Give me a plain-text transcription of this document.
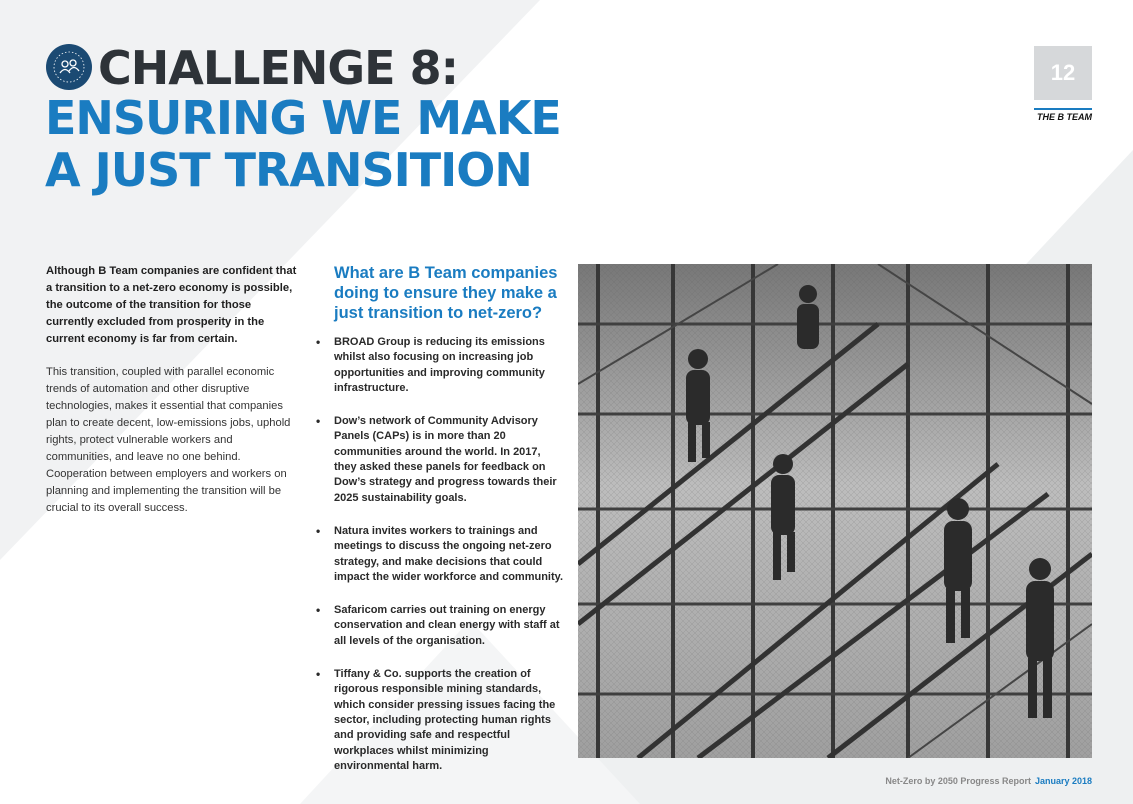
CHALLENGE 8:
ENSURING WE MAKE
A JUST TRANSITION
12
THE B TEAM

Although B Team companies are confident that a transition to a net-zero economy is possible, the outcome of the transition for those currently excluded from prosperity in the current economy is far from certain.

This transition, coupled with parallel economic trends of automation and other disruptive technologies, makes it essential that companies plan to create decent, low-emissions jobs, uphold rights, protect vulnerable workers and communities, and leave no one behind. Cooperation between employers and workers on planning and implementing the transition will be crucial to its overall success.

What are B Team companies doing to ensure they make a just transition to net-zero?
• BROAD Group is reducing its emissions whilst also focusing on increasing job opportunities and improving community infrastructure.
• Dow’s network of Community Advisory Panels (CAPs) is in more than 20 communities around the world. In 2017, they asked these panels for feedback on Dow’s strategy and progress towards their 2025 sustainability goals.
• Natura invites workers to trainings and meetings to discuss the ongoing net-zero strategy, and make decisions that could impact the wider workforce and community.
• Safaricom carries out training on energy conservation and clean energy with staff at all levels of the organisation.
• Tiffany & Co. supports the creation of rigorous responsible mining standards, which consider pressing issues facing the sector, including protecting human rights and providing safe and respectful workplaces whilst minimizing environmental harm.
Net-Zero by 2050 Progress Report January 2018
